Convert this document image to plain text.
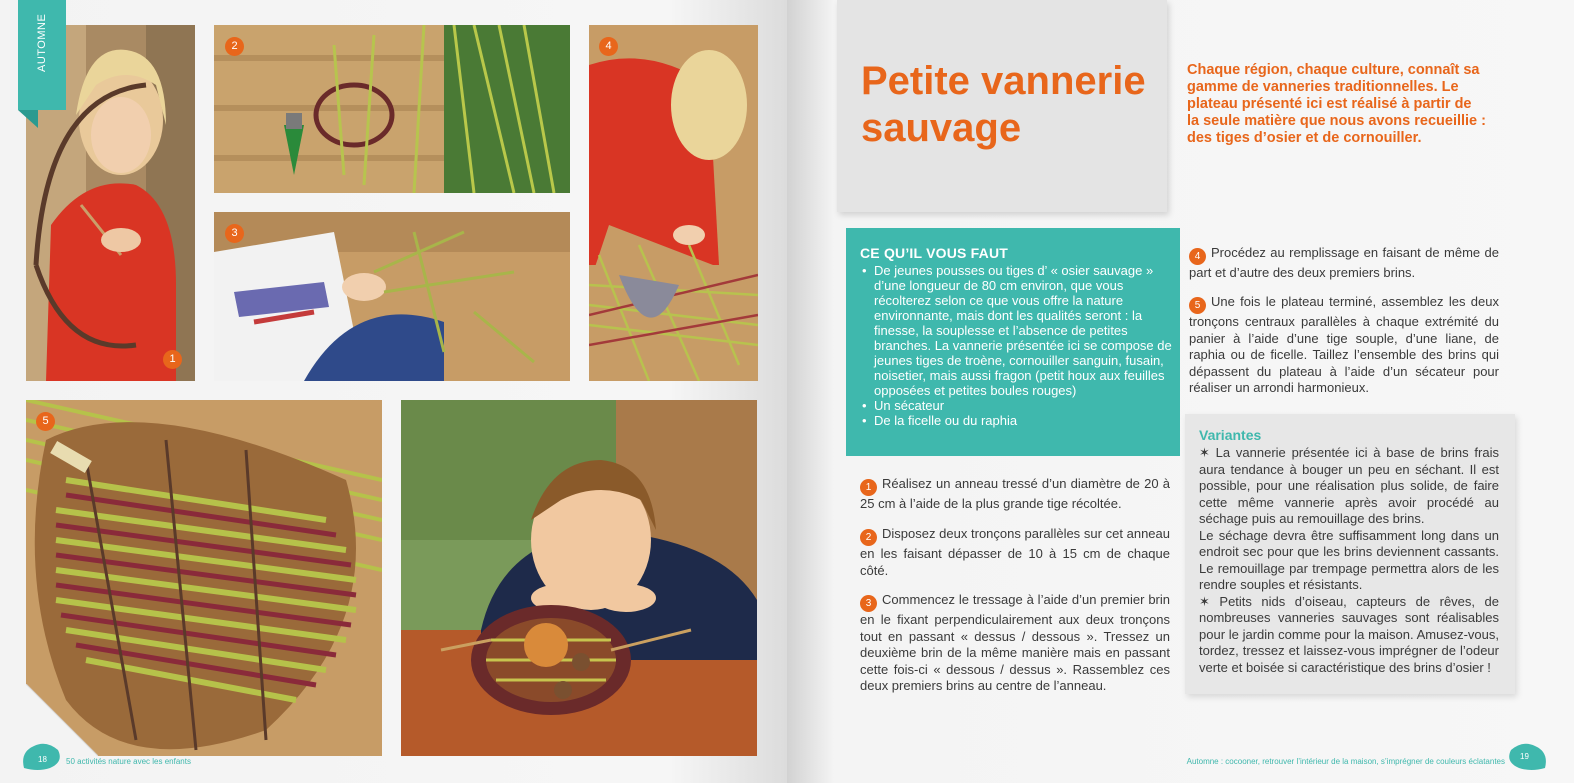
AUTOMNE
1
2
3
4
5
18 50 activités nature avec les enfants
Petite vannerie
sauvage
Chaque région, chaque culture, connaît sa gamme de vanneries traditionnelles. Le plateau présenté ici est réalisé à partir de la seule matière que nous avons recueillie : des tiges d’osier et de cornouiller.
CE QU’IL VOUS FAUT
• De jeunes pousses ou tiges d’ « osier sauvage » d’une longueur de 80 cm environ, que vous récolterez selon ce que vous offre la nature environnante, mais dont les qualités seront : la finesse, la souplesse et l’absence de petites branches. La vannerie présentée ici se compose de jeunes tiges de troène, cornouiller sanguin, fusain, noisetier, mais aussi fragon (petit houx aux feuilles opposées et petites boules rouges)
• Un sécateur
• De la ficelle ou du raphia
1 Réalisez un anneau tressé d’un diamètre de 20 à 25 cm à l’aide de la plus grande tige récoltée.
2 Disposez deux tronçons parallèles sur cet anneau en les faisant dépasser de 10 à 15 cm de chaque côté.
3 Commencez le tressage à l’aide d’un premier brin en le fixant perpendiculairement aux deux tronçons tout en passant « dessus / dessous ». Tressez un deuxième brin de la même manière mais en passant cette fois-ci « dessous / dessus ». Rassemblez ces deux premiers brins au centre de l’anneau.
4 Procédez au remplissage en faisant de même de part et d’autre des deux premiers brins.
5 Une fois le plateau terminé, assemblez les deux tronçons centraux parallèles à chaque extrémité du panier à l’aide d’une tige souple, d’une liane, de raphia ou de ficelle. Taillez l’ensemble des brins qui dépassent du plateau à l’aide d’un sécateur pour réaliser un arrondi harmonieux.
Variantes

✶ La vannerie présentée ici à base de brins frais aura tendance à bouger un peu en séchant. Il est possible, pour une réalisation plus solide, de faire cette même vannerie après avoir procédé au séchage puis au remouillage des brins.

Le séchage devra être suffisamment long dans un endroit sec pour que les brins deviennent cassants. Le remouillage par trempage permettra alors de les rendre souples et résistants.

✶ Petits nids d’oiseau, capteurs de rêves, de nombreuses vanneries sauvages sont réalisables pour le jardin comme pour la maison. Amusez-vous, tordez, tressez et laissez-vous imprégner de l’odeur verte et boisée si caractéristique des brins d’osier !

Automne : cocooner, retrouver l’intérieur de la maison, s’imprégner de couleurs éclatantes
19
